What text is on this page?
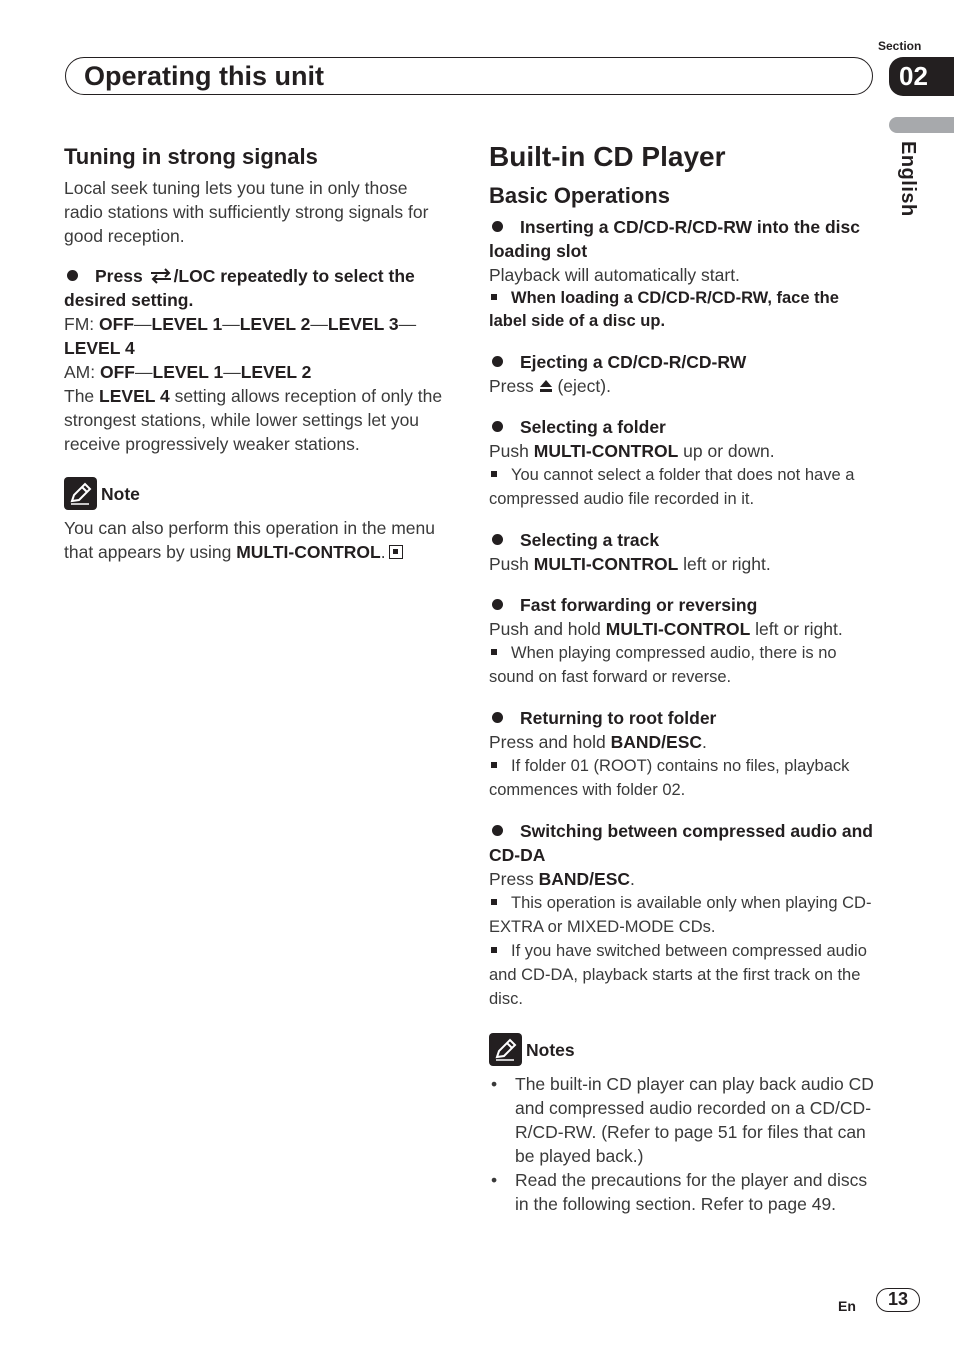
Operating this unit
Section
02
English

Tuning in strong signals

Local seek tuning lets you tune in only those radio stations with sufficiently strong signals for good reception.

Press /LOC repeatedly to select the desired setting.

FM: OFF—LEVEL 1—LEVEL 2—LEVEL 3—
LEVEL 4

AM: OFF—LEVEL 1—LEVEL 2

The LEVEL 4 setting allows reception of only the strongest stations, while lower settings let you receive progressively weaker stations.

Note

You can also perform this operation in the menu that appears by using MULTI-CONTROL.

Built-in CD Player

Basic Operations

Inserting a CD/CD-R/CD-RW into the disc loading slot

Playback will automatically start.

When loading a CD/CD-R/CD-RW, face the label side of a disc up.

Ejecting a CD/CD-R/CD-RW

Press (eject).

Selecting a folder

Push MULTI-CONTROL up or down.

You cannot select a folder that does not have a compressed audio file recorded in it.

Selecting a track

Push MULTI-CONTROL left or right.

Fast forwarding or reversing

Push and hold MULTI-CONTROL left or right.

When playing compressed audio, there is no sound on fast forward or reverse.

Returning to root folder

Press and hold BAND/ESC.

If folder 01 (ROOT) contains no files, playback commences with folder 02.

Switching between compressed audio and CD-DA

Press BAND/ESC.

This operation is available only when playing CD-EXTRA or MIXED-MODE CDs.

If you have switched between compressed audio and CD-DA, playback starts at the first track on the disc.

Notes

• The built-in CD player can play back audio CD and compressed audio recorded on a CD/CD-R/CD-RW. (Refer to page 51 for files that can be played back.)
• Read the precautions for the player and discs in the following section. Refer to page 49.
En	13
